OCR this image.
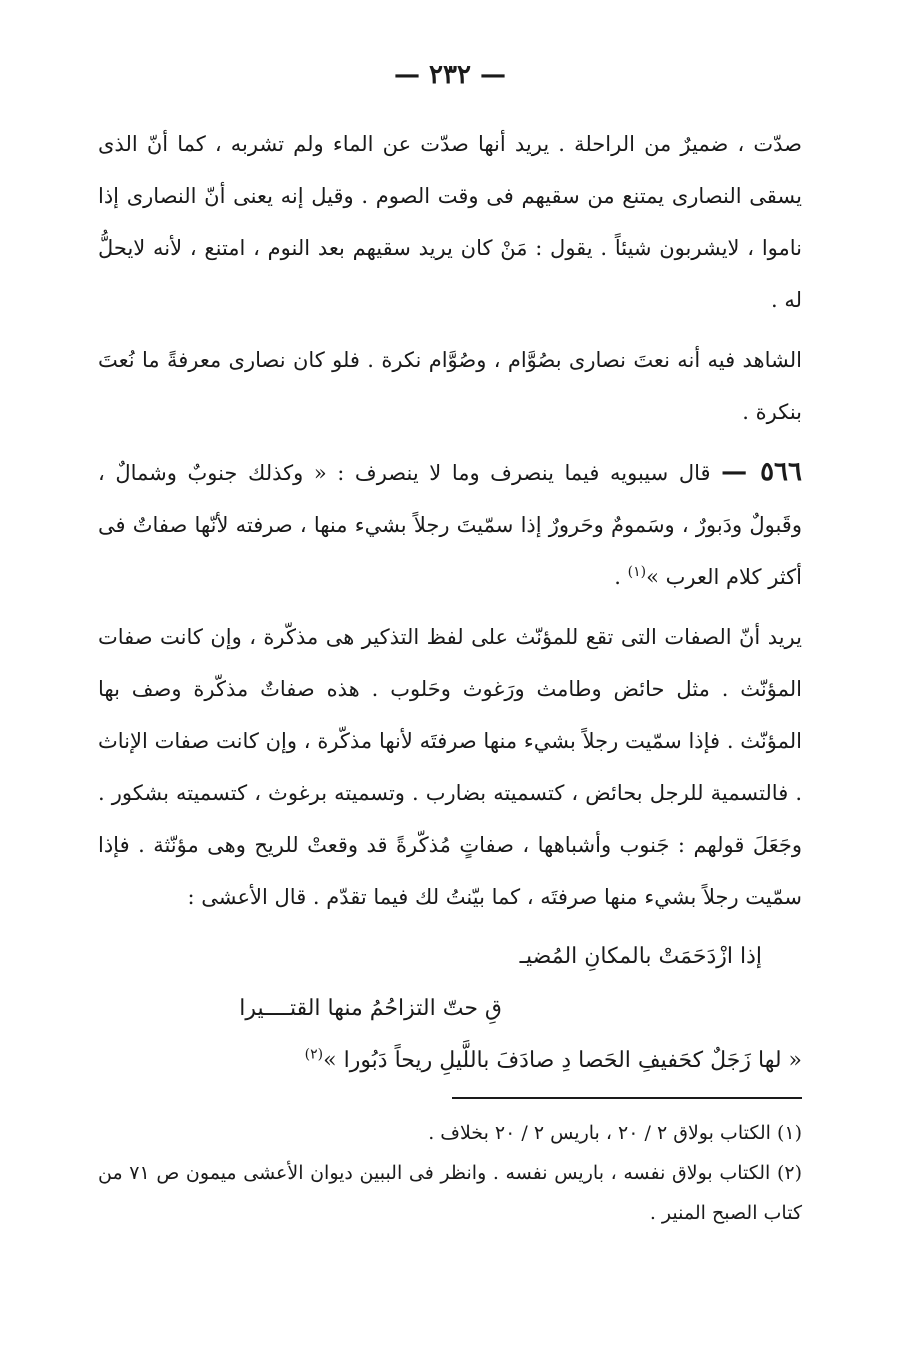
— ٢٣٢ —

صدّت ، ضميرٌ من الراحلة . يريد أنها صدّت عن الماء ولم تشربه ، كما أنّ الذى يسقى النصارى يمتنع من سقيهم فى وقت الصوم . وقيل إنه يعنى أنّ النصارى إذا ناموا ، لايشربون شيئاً . يقول : مَنْ كان يريد سقيهم بعد النوم ، امتنع ، لأنه لايحلُّ له .

الشاهد فيه أنه نعتَ نصارى بصُوَّام ، وصُوَّام نكرة . فلو كان نصارى معرفةً ما نُعتَ بنكرة .

٥٦٦ — قال سيبويه فيما ينصرف وما لا ينصرف : « وكذلك جنوبٌ وشمالٌ ، وقَبولٌ ودَبورٌ ، وسَمومٌ وحَرورٌ إذا سمّيتَ رجلاً بشيء منها ، صرفته لأنّها صفاتٌ فى أكثر كلام العرب »$^{(١)}$ .

يريد أنّ الصفات التى تقع للمؤنّث على لفظ التذكير هى مذكّرة ، وإن كانت صفات المؤنّث . مثل حائض وطامث ورَغوث وحَلوب . هذه صفاتٌ مذكّرة وصف بها المؤنّث . فإذا سمّيت رجلاً بشيء منها صرفتَه لأنها مذكّرة ، وإن كانت صفات الإناث . فالتسمية للرجل بحائض ، كتسميته بضارب . وتسميته برغوث ، كتسميته بشكور . وجَعَلَ قولهم : جَنوب وأشباهها ، صفاتٍ مُذكّرةً قد وقعتْ للريح وهى مؤنّثة . فإذا سمّيت رجلاً بشيء منها صرفتَه ، كما بيّنتُ لك فيما تقدّم . قال الأعشى :

إذا ازْدَحَمَتْ بالمكانِ المُضيـ

قِ حتّ التزاحُمُ منها القتــــيرا

« لها زَجَلٌ كحَفيفِ الحَصا دِ صادَفَ باللَّيلِ ريحاً دَبُورا »$^{(٢)}$

(١) الكتاب بولاق ٢ / ٢٠ ، باريس ٢ / ٢٠ بخلاف .

(٢) الكتاب بولاق نفسه ، باريس نفسه . وانظر فى الببين ديوان الأعشى ميمون ص ٧١ من كتاب الصبح المنير .
